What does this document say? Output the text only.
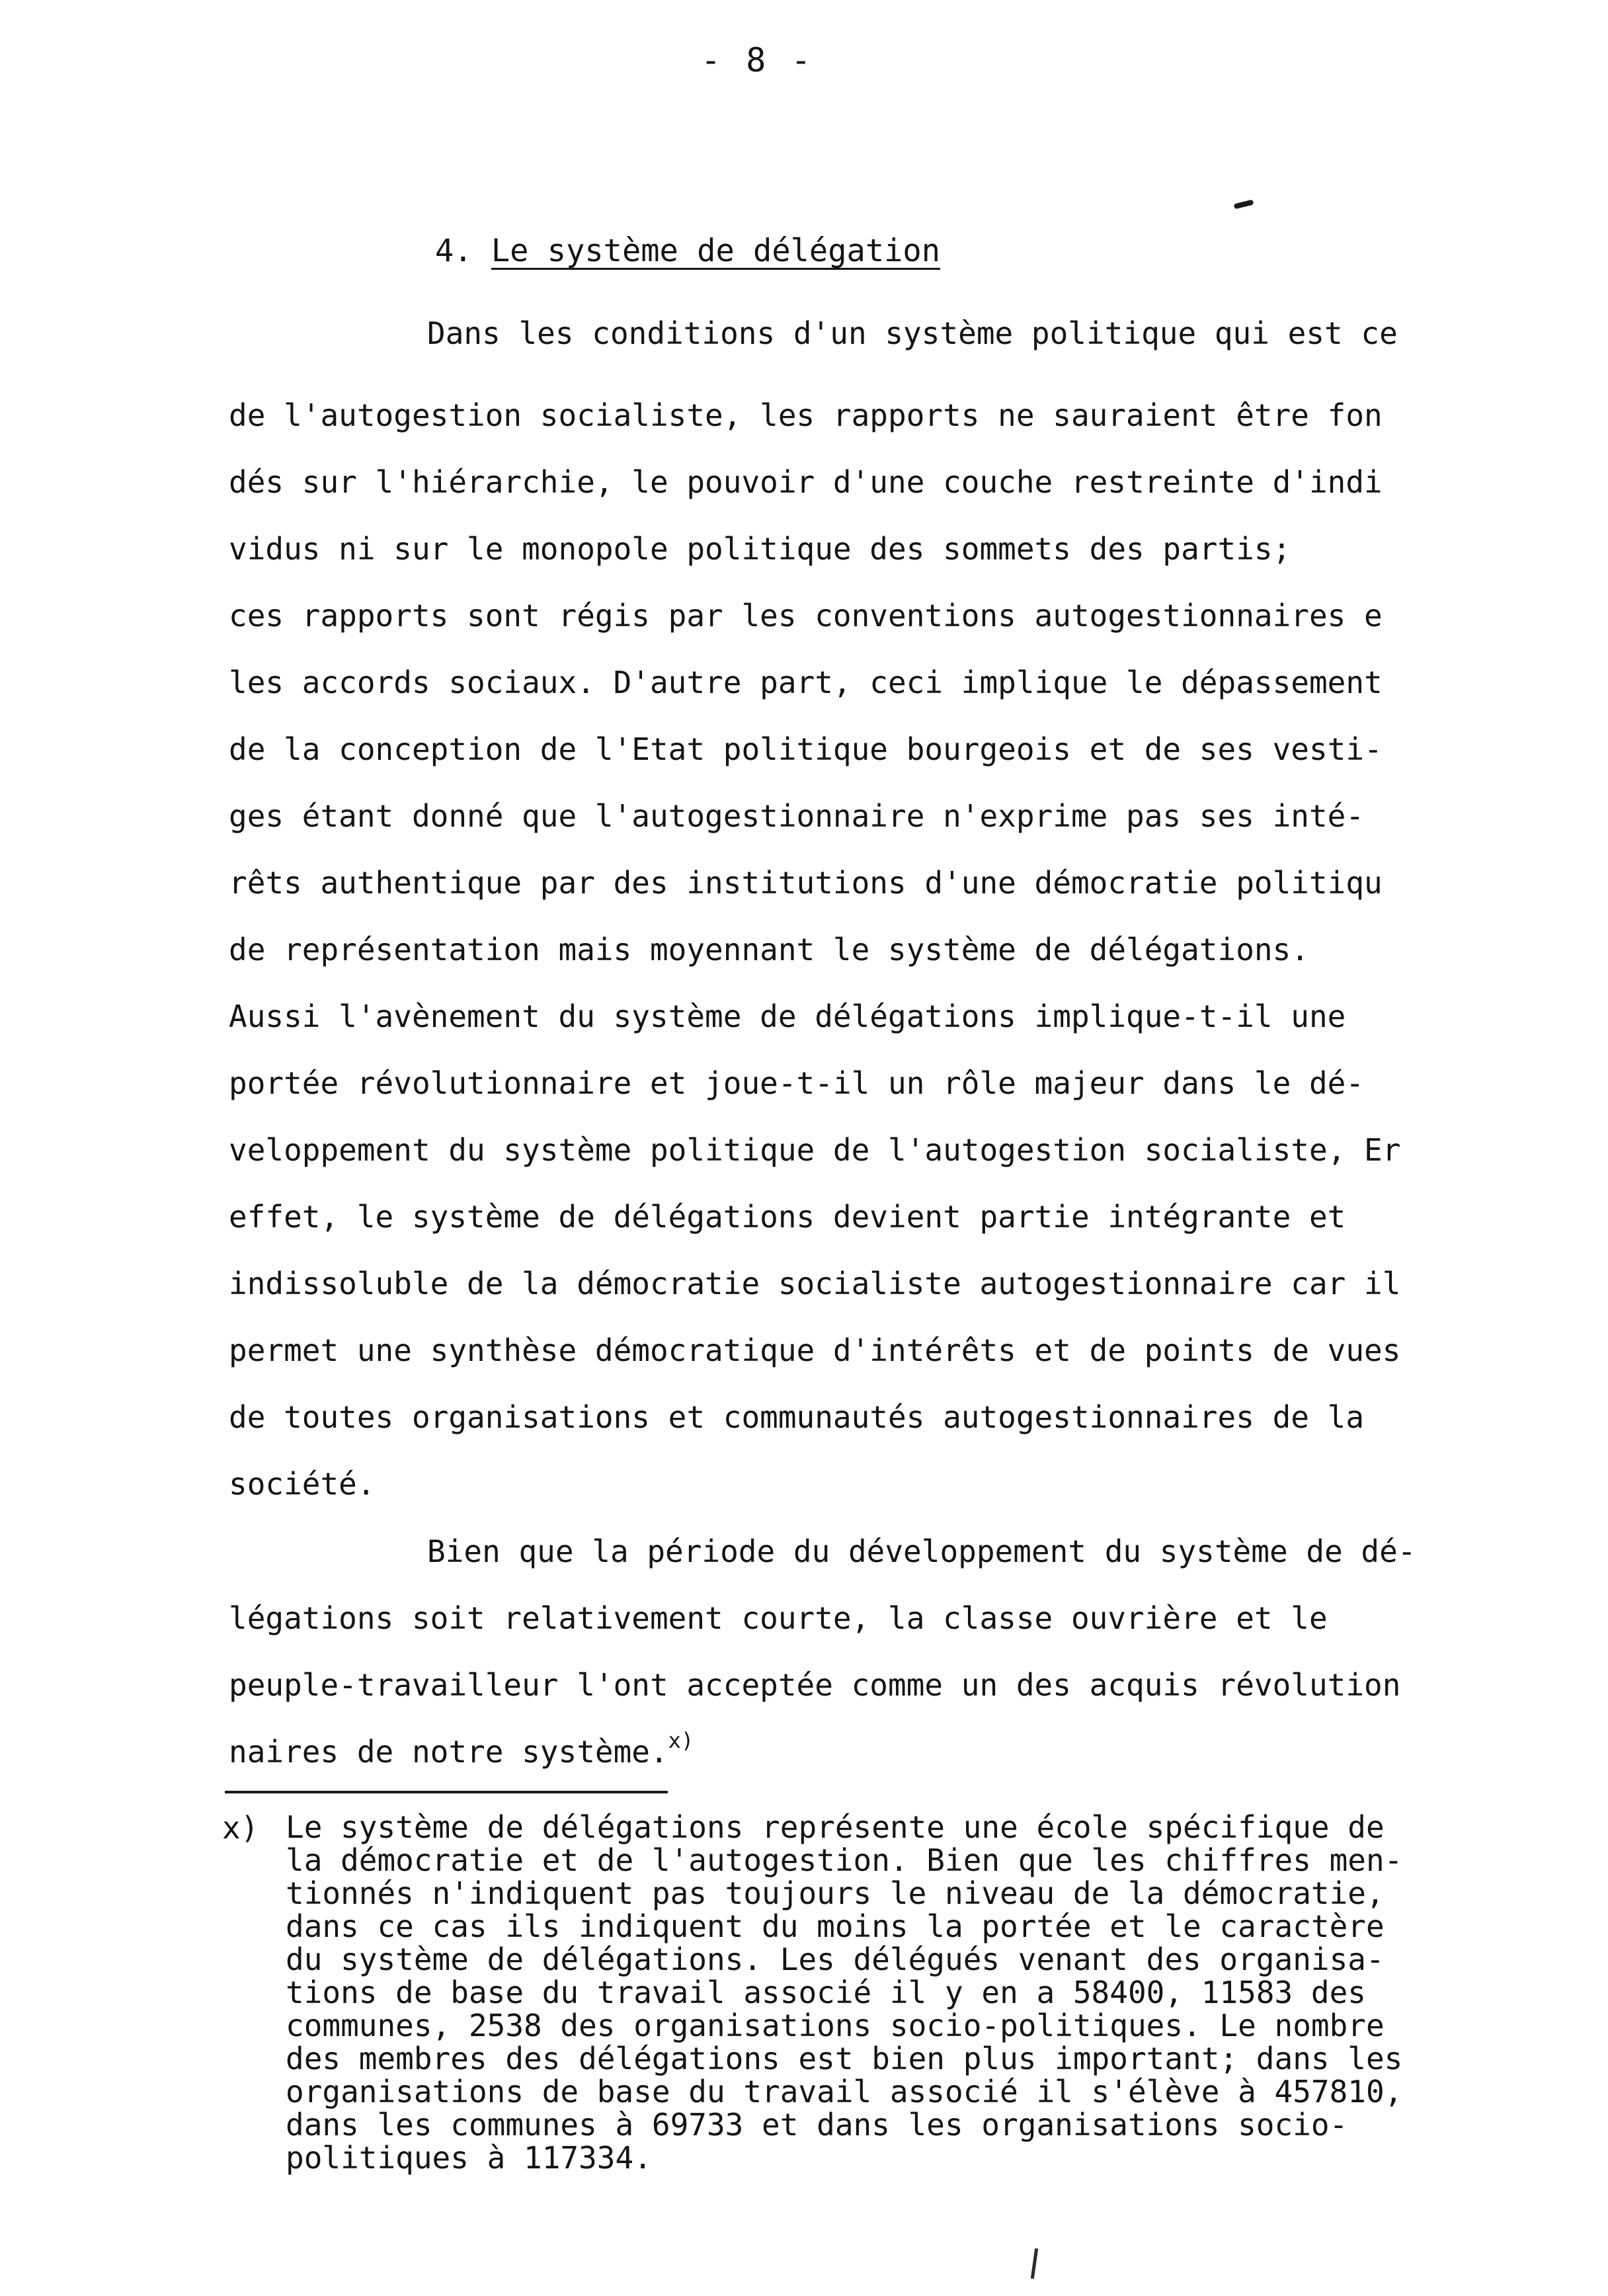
- 8 -
4. Le système de délégation
Dans les conditions d'un système politique qui est ce
de l'autogestion socialiste, les rapports ne sauraient être fon
dés sur l'hiérarchie, le pouvoir d'une couche restreinte d'indi
vidus ni sur le monopole politique des sommets des partis;
ces rapports sont régis par les conventions autogestionnaires e
les accords sociaux. D'autre part, ceci implique le dépassement
de la conception de l'Etat politique bourgeois et de ses vesti-
ges étant donné que l'autogestionnaire n'exprime pas ses inté-
rêts authentique par des institutions d'une démocratie politiqu
de représentation mais moyennant le système de délégations.
Aussi l'avènement du système de délégations implique-t-il une
portée révolutionnaire et joue-t-il un rôle majeur dans le dé-
veloppement du système politique de l'autogestion socialiste, Er
effet, le système de délégations devient partie intégrante et
indissoluble de la démocratie socialiste autogestionnaire car il
permet une synthèse démocratique d'intérêts et de points de vues
de toutes organisations et communautés autogestionnaires de la
société.
Bien que la période du développement du système de dé-
légations soit relativement courte, la classe ouvrière et le
peuple-travailleur l'ont acceptée comme un des acquis révolution
naires de notre système.$^{x)}$
x) Le système de délégations représente une école spécifique de
la démocratie et de l'autogestion. Bien que les chiffres men-
tionnés n'indiquent pas toujours le niveau de la démocratie,
dans ce cas ils indiquent du moins la portée et le caractère
du système de délégations. Les délégués venant des organisa-
tions de base du travail associé il y en a 58400, 11583 des
communes, 2538 des organisations socio-politiques. Le nombre
des membres des délégations est bien plus important; dans les
organisations de base du travail associé il s'élève à 457810,
dans les communes à 69733 et dans les organisations socio-
politiques à 117334.
